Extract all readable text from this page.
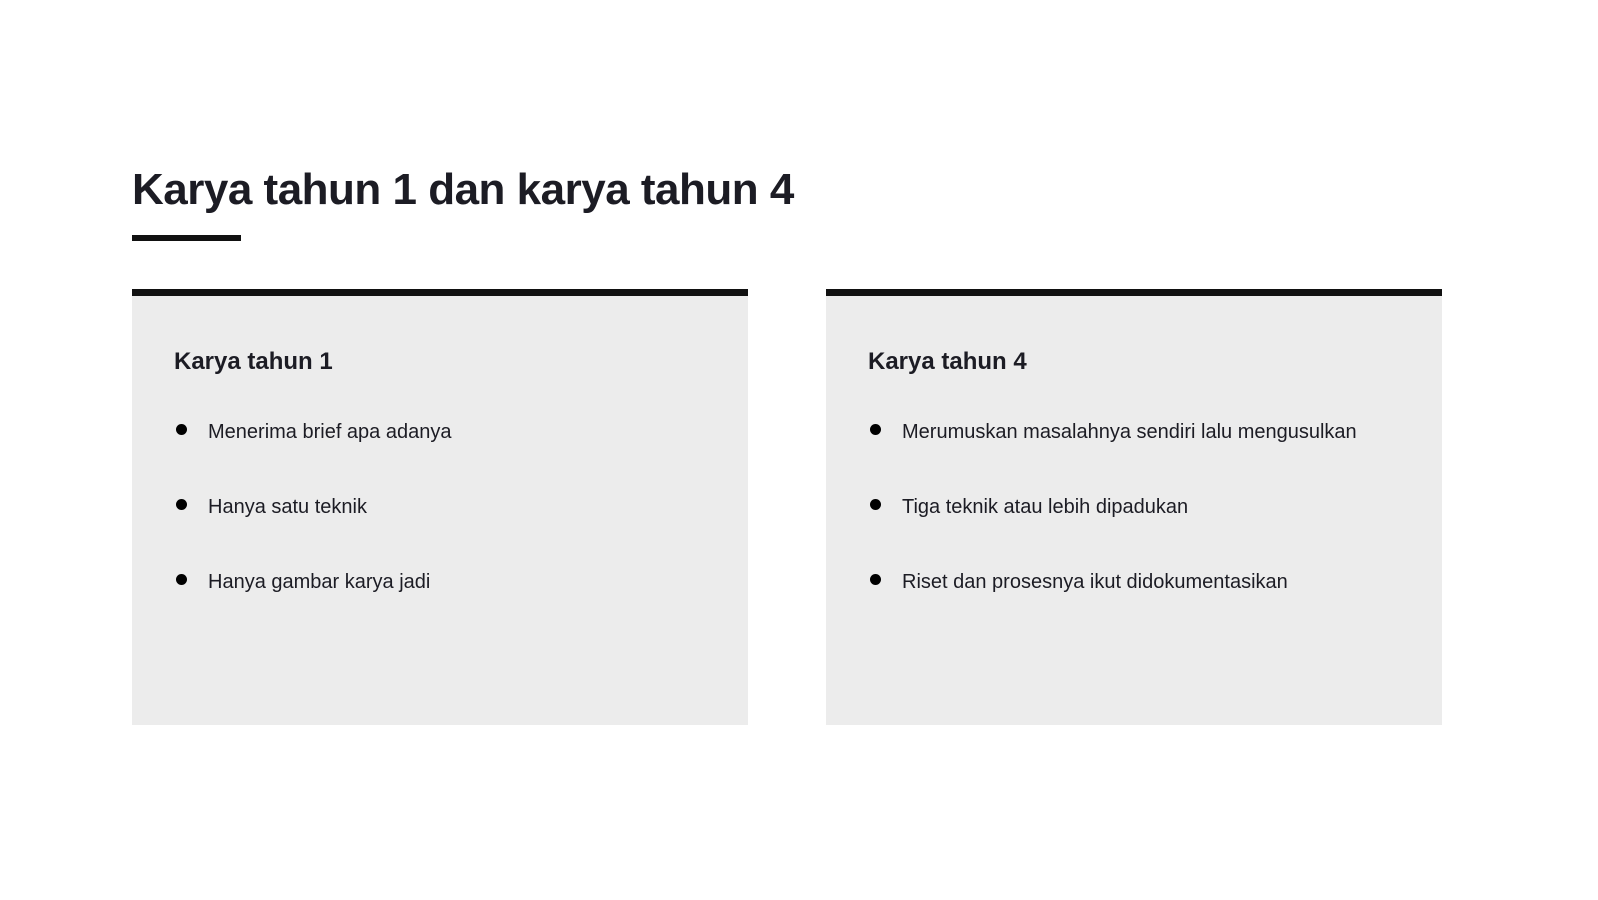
Karya tahun 1 dan karya tahun 4
Karya tahun 1
Menerima brief apa adanya
Hanya satu teknik
Hanya gambar karya jadi
Karya tahun 4
Merumuskan masalahnya sendiri lalu mengusulkan
Tiga teknik atau lebih dipadukan
Riset dan prosesnya ikut didokumentasikan
